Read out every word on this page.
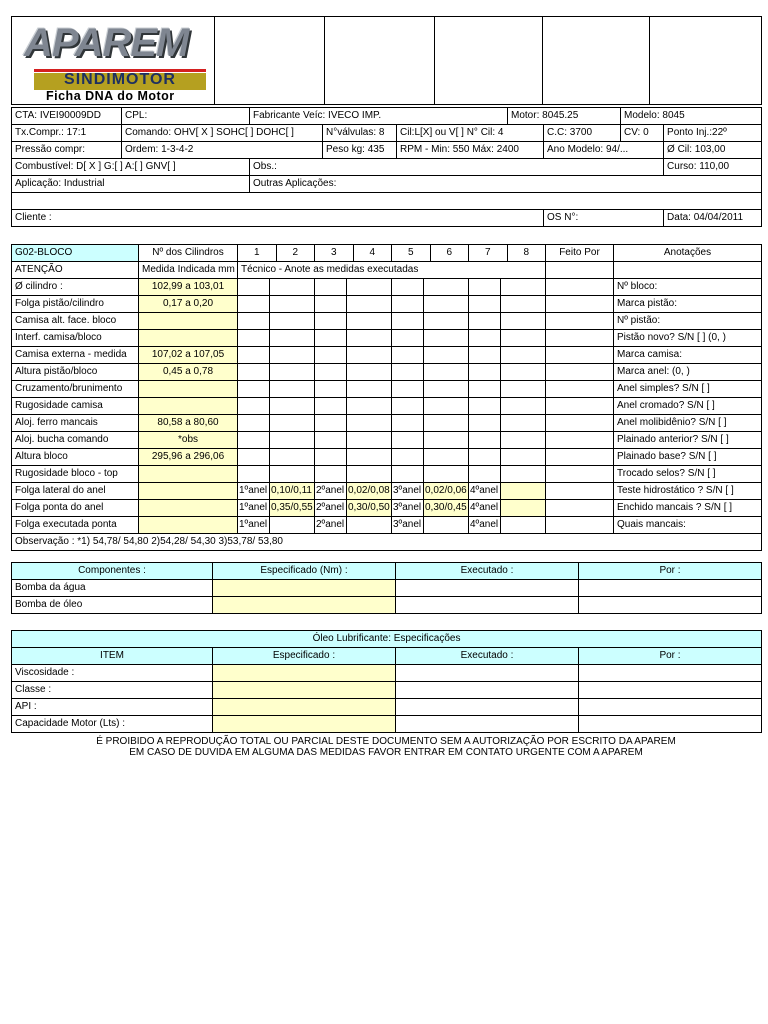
APAREM
SINDIMOTOR
Ficha DNA do Motor

CTA: IVEI90009DD	CPL:	Fabricante Veíc: IVECO IMP.			Motor: 8045.25		Modelo: 8045	
Tx.Compr.: 17:1	Comando: OHV[ X ] SOHC[ ] DOHC[ ]		N°válvulas: 8	Cil:L[X] ou V[ ] N° Cil: 4		C.C: 3700	CV: 0	Ponto Inj.:22º
Pressão compr:	Ordem: 1-3-4-2		Peso kg: 435	RPM - Min: 550 Máx: 2400		Ano Modelo: 94/...		Ø Cil: 103,00
Combustível: D[ X ] G:[ ] A:[ ] GNV[ ]		Obs.:						Curso: 110,00
Aplicação: Industrial		Outras Aplicações:						

Cliente :						OS N°:		Data: 04/04/2011
G02-BLOCO	Nº dos Cilindros	1 2		3 4		5 6		7 8		Feito Por	Anotações
ATENÇÃO	Medida Indicada mm	Técnico - Anote as medidas executadas									
Ø cilindro :	102,99 a 103,01										Nº bloco:
Folga pistão/cilindro	0,17 a 0,20										Marca pistão:
Camisa alt. face. bloco											Nº pistão:
Interf. camisa/bloco											Pistão novo? S/N [ ] (0, )
Camisa externa - medida	107,02 a 107,05										Marca camisa:
Altura pistão/bloco	0,45 a 0,78										Marca anel: (0, )
Cruzamento/brunimento											Anel simples? S/N [ ]
Rugosidade camisa											Anel cromado? S/N [ ]
Aloj. ferro mancais	80,58 a 80,60										Anel molibidênio? S/N [ ]
Aloj. bucha comando	*obs										Plainado anterior? S/N [ ]
Altura bloco	295,96 a 296,06										Plainado base? S/N [ ]
Rugosidade bloco - top											Trocado selos? S/N [ ]
Folga lateral do anel		1ºanel	0,10/0,11	2ºanel	0,02/0,08	3ºanel	0,02/0,06	4ºanel			Teste hidrostático ? S/N [ ]
Folga ponta do anel		1ºanel	0,35/0,55	2ºanel	0,30/0,50	3ºanel	0,30/0,45	4ºanel			Enchido mancais ? S/N [ ]
Folga executada ponta		1ºanel		2ºanel		3ºanel		4ºanel			Quais mancais:
Observação : *1) 54,78/ 54,80 2)54,28/ 54,30 3)53,78/ 53,80											
Componentes :	Especificado (Nm) :	Executado :	Por :
Bomba da água			
Bomba de óleo			
Óleo Lubrificante: Especificações			
ITEM	Especificado :	Executado :	Por :
Viscosidade :			
Classe :			
API :			
Capacidade Motor (Lts) :			
É PROIBIDO A REPRODUÇÃO TOTAL OU PARCIAL DESTE DOCUMENTO SEM A AUTORIZAÇÃO POR ESCRITO DA APAREM
EM CASO DE DUVIDA EM ALGUMA DAS MEDIDAS FAVOR ENTRAR EM CONTATO URGENTE COM A APAREM
